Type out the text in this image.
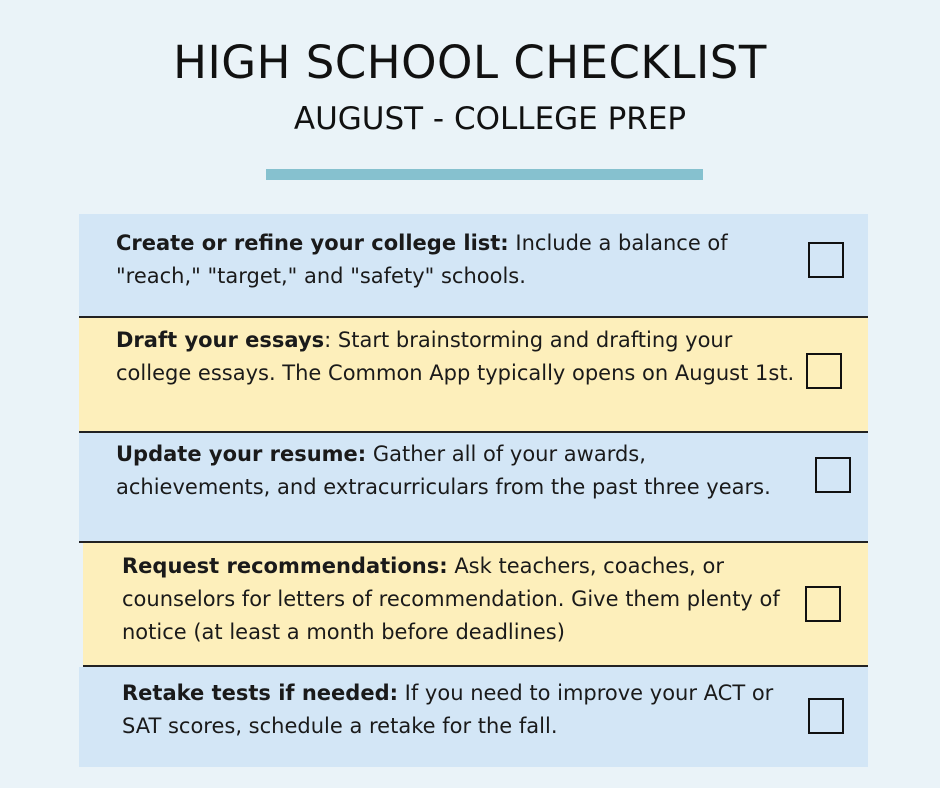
HIGH SCHOOL CHECKLIST
AUGUST - COLLEGE PREP
Create or refine your college list: Include a balance of "reach," "target," and "safety" schools.
Draft your essays: Start brainstorming and drafting your college essays. The Common App typically opens on August 1st.
Update your resume: Gather all of your awards, achievements, and extracurriculars from the past three years.
Request recommendations: Ask teachers, coaches, or counselors for letters of recommendation. Give them plenty of notice (at least a month before deadlines)
Retake tests if needed: If you need to improve your ACT or SAT scores, schedule a retake for the fall.
